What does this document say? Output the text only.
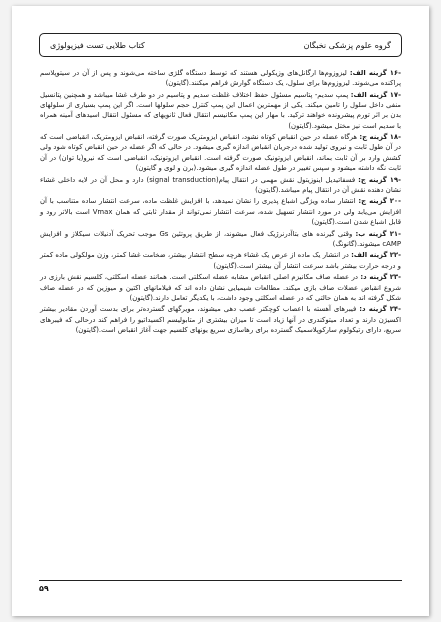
گروه علوم پزشکی نخبگان
کتاب طلایی تست فیزیولوژی

-۱۶ گزینه الف: لیزوزوم‌ها ارگانل‌های وزیکولی هستند که توسط دستگاه گلژی ساخته می‌شوند و پس از آن در سیتوپلاسم پراکنده می‌شوند. لیزوزوم‌ها برای سلول، یک دستگاه گوارش فراهم میکنند.(گایتون)

-۱۷ گزینه الف: پمپ سدیم- پتاسیم مسئول حفظ اختلاف غلظت سدیم و پتاسیم در دو طرف غشا میباشد و همچنین پتانسیل منفی داخل سلول را تامین میکند. یکی از مهمترین اعمال این پمپ کنترل حجم سلولها است. اگر این پمپ بسیاری از سلولهای بدن بر اثر تورم پیشرونده خواهند ترکید. با مهار این پمپ مکانیسم انتقال فعال ثانویهای که مسئول انتقال اسیدهای آمینه همراه با سدیم است نیز مختل میشود.(گایتون)

-۱۸ گزینه ج: هرگاه عضله در حین انقباض کوتاه نشود، انقباض ایزومتریک صورت گرفته، انقباض ایزومتریک، انقباضی است که در آن طول ثابت و نیروی تولید شده درجریان انقباض اندازه گیری میشود. در حالی که اگر عضله در حین انقباض کوتاه شود ولی کشش وارد بر آن ثابت بماند، انقباض ایزوتونیک صورت گرفته است. انقباض ایزوتونیک، انقباضی است که نیرو(یا توان) در آن ثابت نگه داشته میشود و سپس تغییر در طول عضله اندازه گیری میشود.(برن و لوی و گایتون)

-۱۹ گزینه ج: فسفاتیدیل اینوزیتول نقش مهمی در انتقال پیام(signal transduction) دارد و محل آن در لایه داخلی غشاء نشان دهنده نقش آن در انتقال پیام میباشد.(گایتون)

-۲۰ گزینه ج: انتشار ساده ویژگی اشباع پذیری را نشان نمیدهد، با افزایش غلظت ماده، سرعت انتشار ساده متناسب با آن افزایش می‌یابد ولی در مورد انتشار تسهیل شده، سرعت انتشار نمی‌تواند از مقدار ثابتی که همان Vmax است بالاتر رود و قابل اشباع شدن است.(گایتون)

-۲۱ گزینه ب: وقتی گیرنده های بتاآدرنرژیک فعال میشوند، از طریق پروتئین Gs موجب تحریک آدنیلات سیکلاز و افزایش cAMP میشوند.(گانونگ)

-۲۲ گزینه الف: در انتشار یک ماده از عرض یک غشاء هرچه سطح انتشار بیشتر، ضخامت غشا کمتر، وزن مولکولی ماده کمتر و درجه حرارت بیشتر باشد سرعت انتشار آن بیشتر است.(گایتون)

-۲۳ گزینه د: در عضله صاف مکانیزم اصلی انقباض مشابه عضله اسکلتی است. همانند عضله اسکلتی، کلسیم نقش بارزی در شروع انقباض عضلات صاف بازی میکند. مطالعات شیمیایی نشان داده اند که فیلامانهای اکتین و میوزین که در عضله صاف شکل گرفته اند به همان حالتی که در عضله اسکلتی وجود داشت، با یکدیگر تعامل دارند.(گایتون)

-۲۴ گزینه د: فیبرهای آهسته با اعصاب کوچکتر عصب دهی میشوند، مویرگهای گسترده‌تر برای بدست آوردن مقادیر بیشتر اکسیژن دارند و تعداد میتوکندری در آنها زیاد است تا میزان بیشتری از متابولیسم اکسیداتیو را فراهم کند درحالی که فیبرهای سریع، دارای رتیکولوم سارکوپلاسمیک گسترده برای رهاسازی سریع یونهای کلسیم جهت آغاز انقباض است.(گایتون)

۵۹
